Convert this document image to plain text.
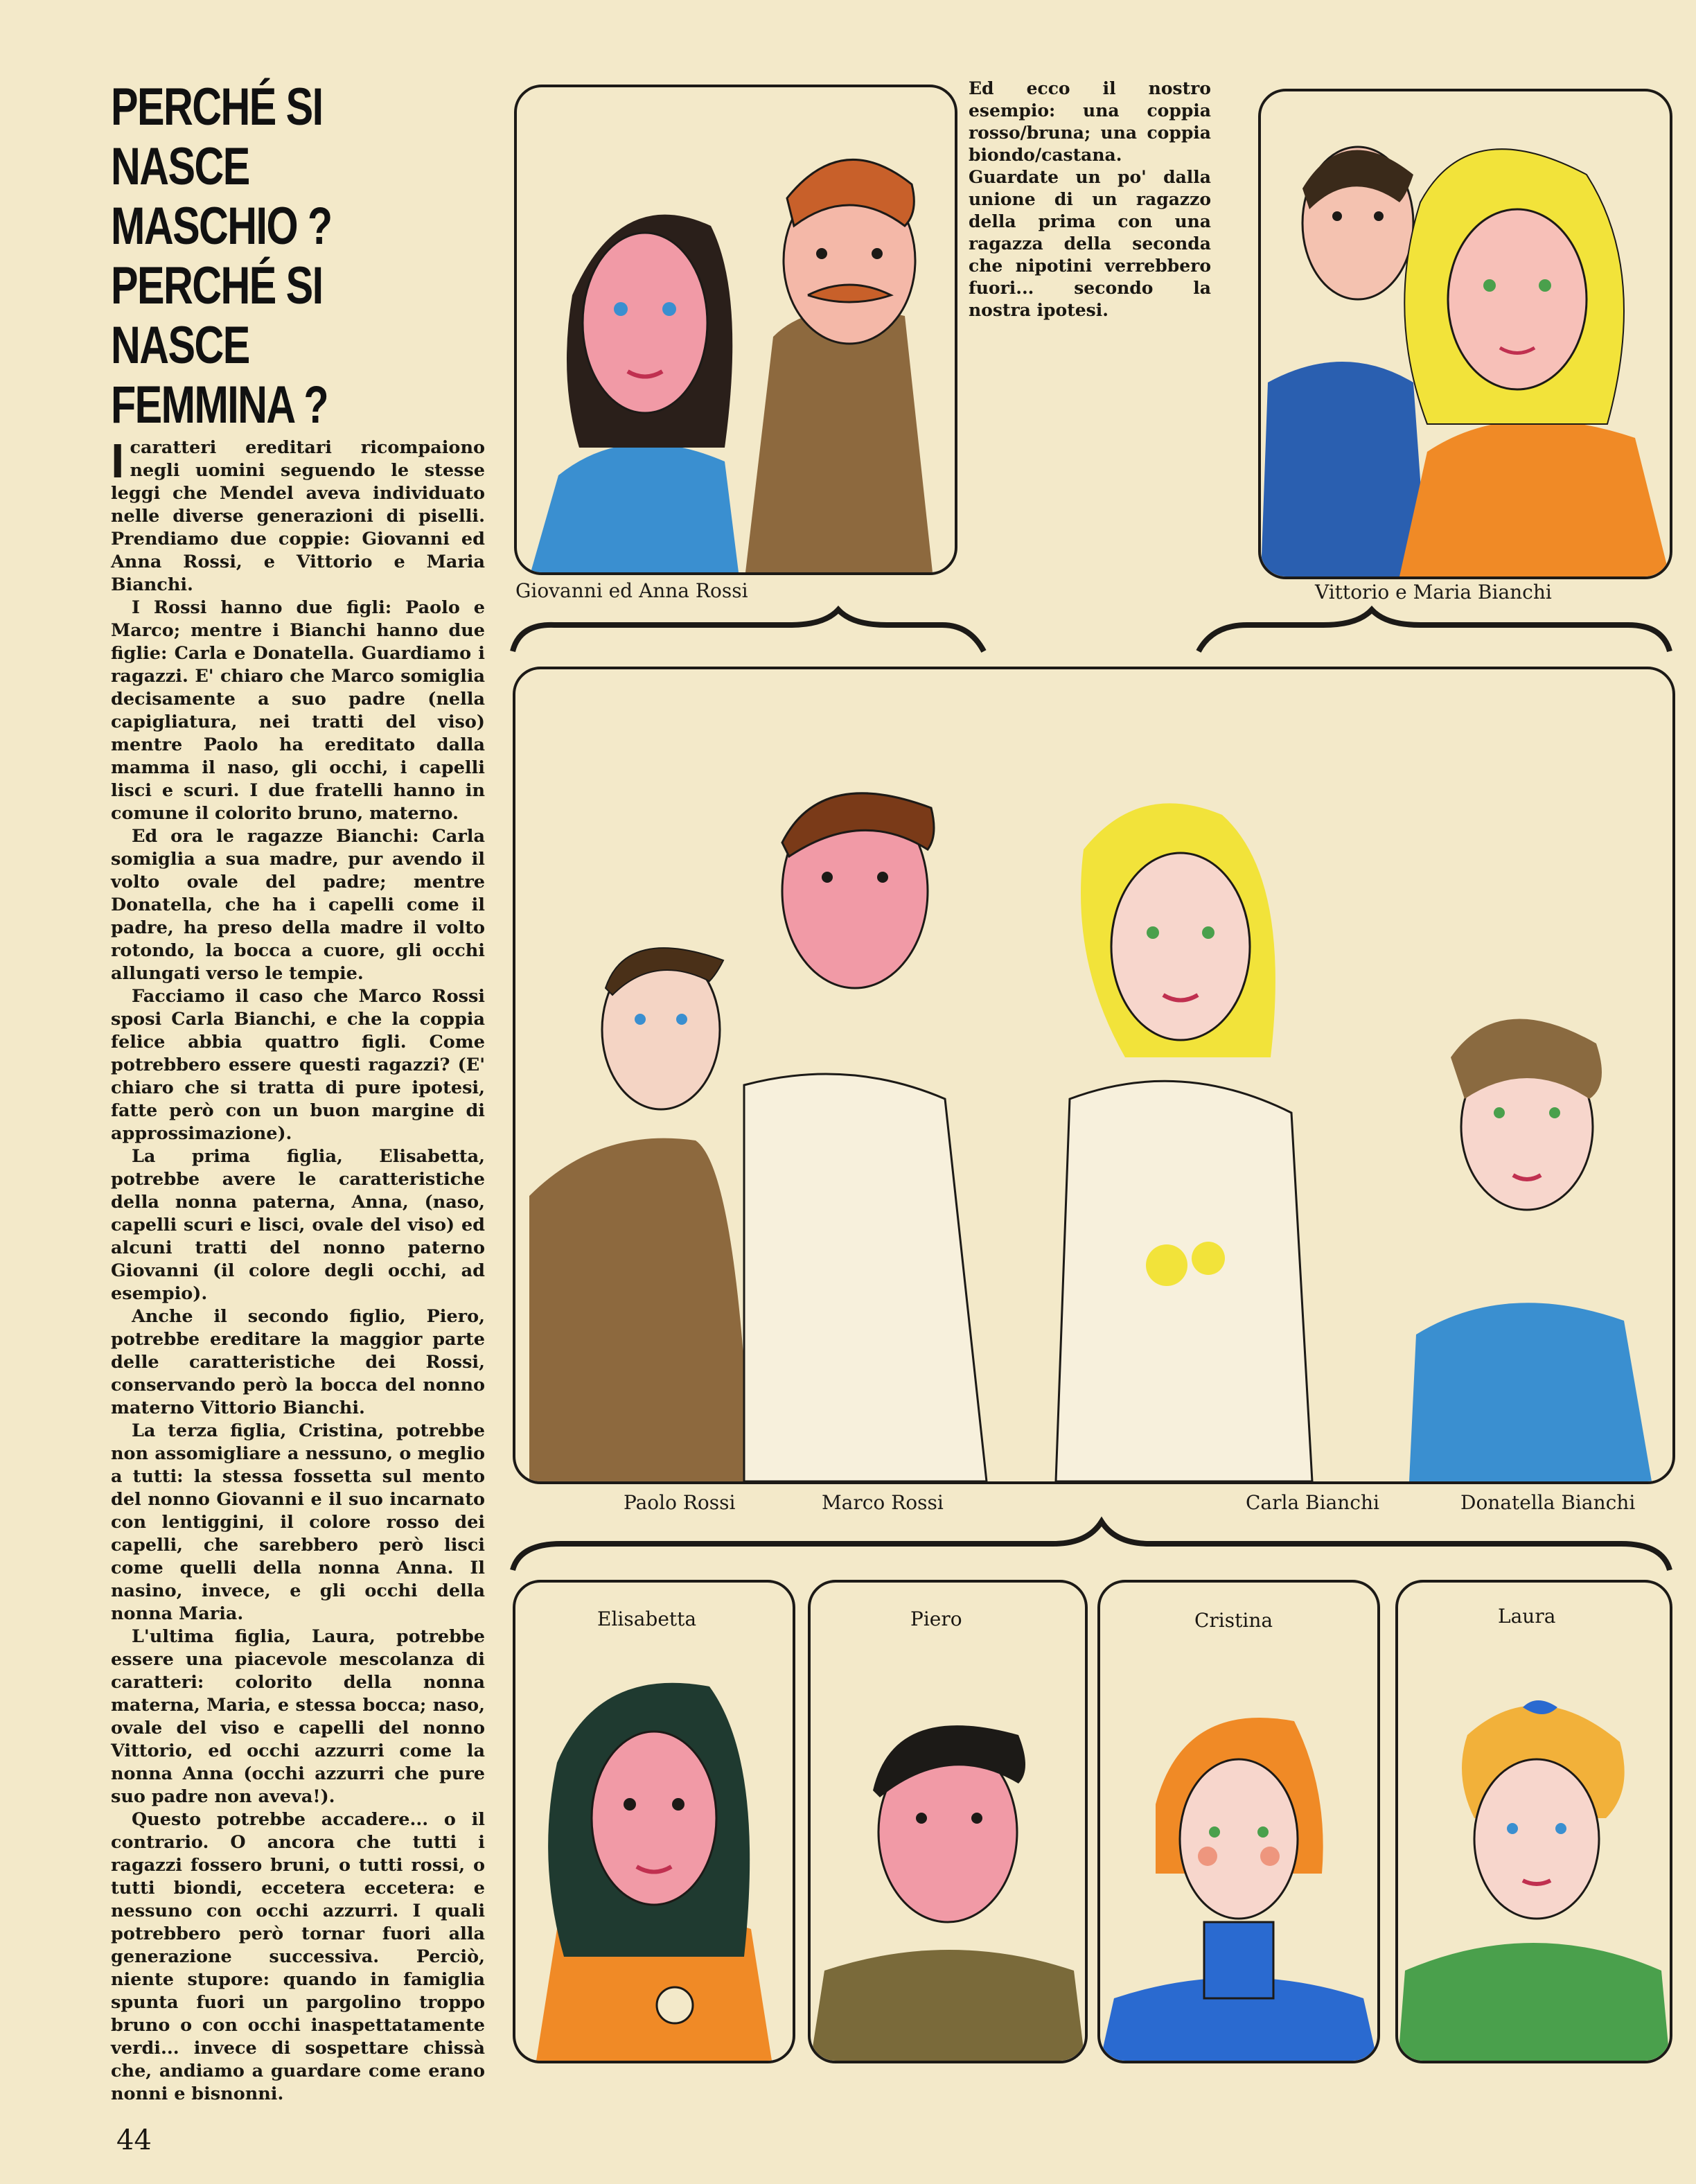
PERCHÉ SI NASCE
MASCHIO ?
PERCHÉ SI NASCE
FEMMINA ?

Icaratteri ereditari ricompaiono negli uomini seguendo le stesse leggi che Mendel aveva individuato nelle diverse generazioni di piselli. Prendiamo due coppie: Giovanni ed Anna Rossi, e Vittorio e Maria Bianchi.

I Rossi hanno due figli: Paolo e Marco; mentre i Bianchi hanno due figlie: Carla e Donatella. Guardiamo i ragazzi. E' chiaro che Marco somiglia decisamente a suo padre (nella capigliatura, nei tratti del viso) mentre Paolo ha ereditato dalla mamma il naso, gli occhi, i capelli lisci e scuri. I due fratelli hanno in comune il colorito bruno, materno.

Ed ora le ragazze Bianchi: Carla somiglia a sua madre, pur avendo il volto ovale del padre; mentre Donatella, che ha i capelli come il padre, ha preso della madre il volto rotondo, la bocca a cuore, gli occhi allungati verso le tempie.

Facciamo il caso che Marco Rossi sposi Carla Bianchi, e che la coppia felice abbia quattro figli. Come potrebbero essere questi ragazzi? (E' chiaro che si tratta di pure ipotesi, fatte però con un buon margine di approssimazione).

La prima figlia, Elisabetta, potrebbe avere le caratteristiche della nonna paterna, Anna, (naso, capelli scuri e lisci, ovale del viso) ed alcuni tratti del nonno paterno Giovanni (il colore degli occhi, ad esempio).

Anche il secondo figlio, Piero, potrebbe ereditare la maggior parte delle caratteristiche dei Rossi, conservando però la bocca del nonno materno Vittorio Bianchi.

La terza figlia, Cristina, potrebbe non assomigliare a nessuno, o meglio a tutti: la stessa fossetta sul mento del nonno Giovanni e il suo incarnato con lentiggini, il colore rosso dei capelli, che sarebbero però lisci come quelli della nonna Anna. Il nasino, invece, e gli occhi della nonna Maria.

L'ultima figlia, Laura, potrebbe essere una piacevole mescolanza di caratteri: colorito della nonna materna, Maria, e stessa bocca; naso, ovale del viso e capelli del nonno Vittorio, ed occhi azzurri come la nonna Anna (occhi azzurri che pure suo padre non aveva!).

Questo potrebbe accadere... o il contrario. O ancora che tutti i ragazzi fossero bruni, o tutti rossi, o tutti biondi, eccetera eccetera: e nessuno con occhi azzurri. I quali potrebbero però tornar fuori alla generazione successiva. Perciò, niente stupore: quando in famiglia spunta fuori un pargolino troppo bruno o con occhi inaspettatamente verdi... invece di sospettare chissà che, andiamo a guardare come erano nonni e bisnonni.

44
Ed ecco il nostro esempio: una coppia rosso/bruna; una coppia biondo/castana. Guardate un po' dalla unione di un ragazzo della prima con una ragazza della seconda che nipotini verrebbero fuori... secondo la nostra ipotesi.
Giovanni ed Anna Rossi	Vittorio e Maria Bianchi
Paolo Rossi	Marco Rossi	Carla Bianchi	Donatella Bianchi
Elisabetta	Piero	Cristina	Laura
